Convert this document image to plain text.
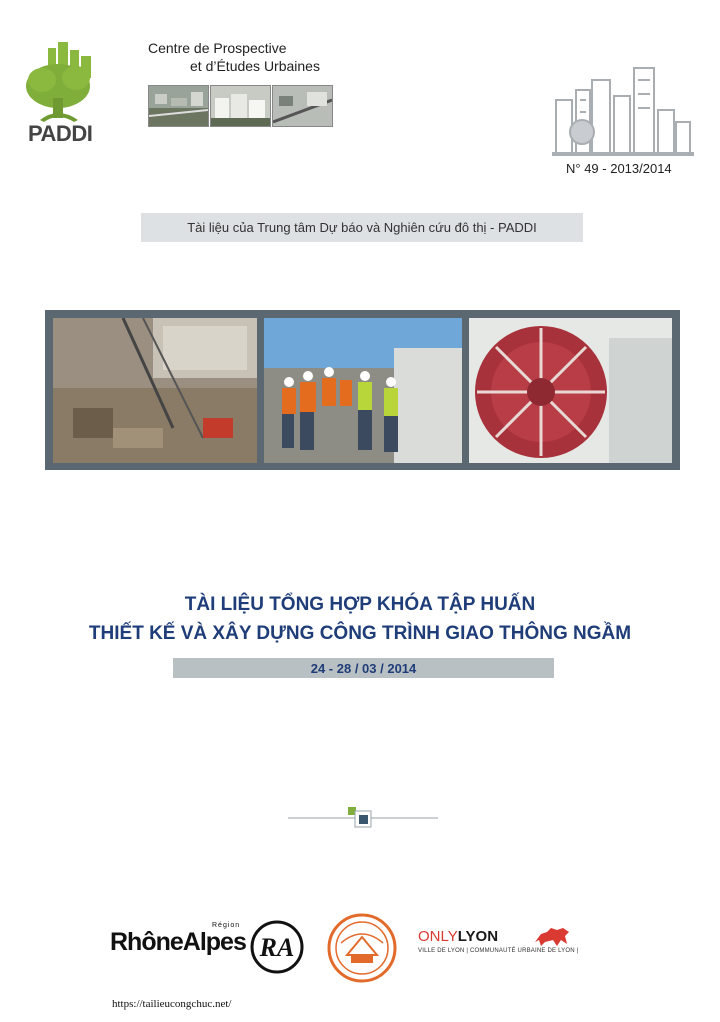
PADDI
Centre de Prospective
et d’Études Urbaines
N° 49 - 2013/2014
Tài liệu của Trung tâm Dự báo và Nghiên cứu đô thị - PADDI
TÀI LIỆU TỔNG HỢP KHÓA TẬP HUẤN
THIẾT KẾ VÀ XÂY DỰNG CÔNG TRÌNH GIAO THÔNG NGẦM
24 - 28 / 03 / 2014
RhôneAlpes
Région
RA	ONLYLYON
VILLE DE LYON | COMMUNAUTÉ URBAINE DE LYON |
https://tailieucongchuc.net/
